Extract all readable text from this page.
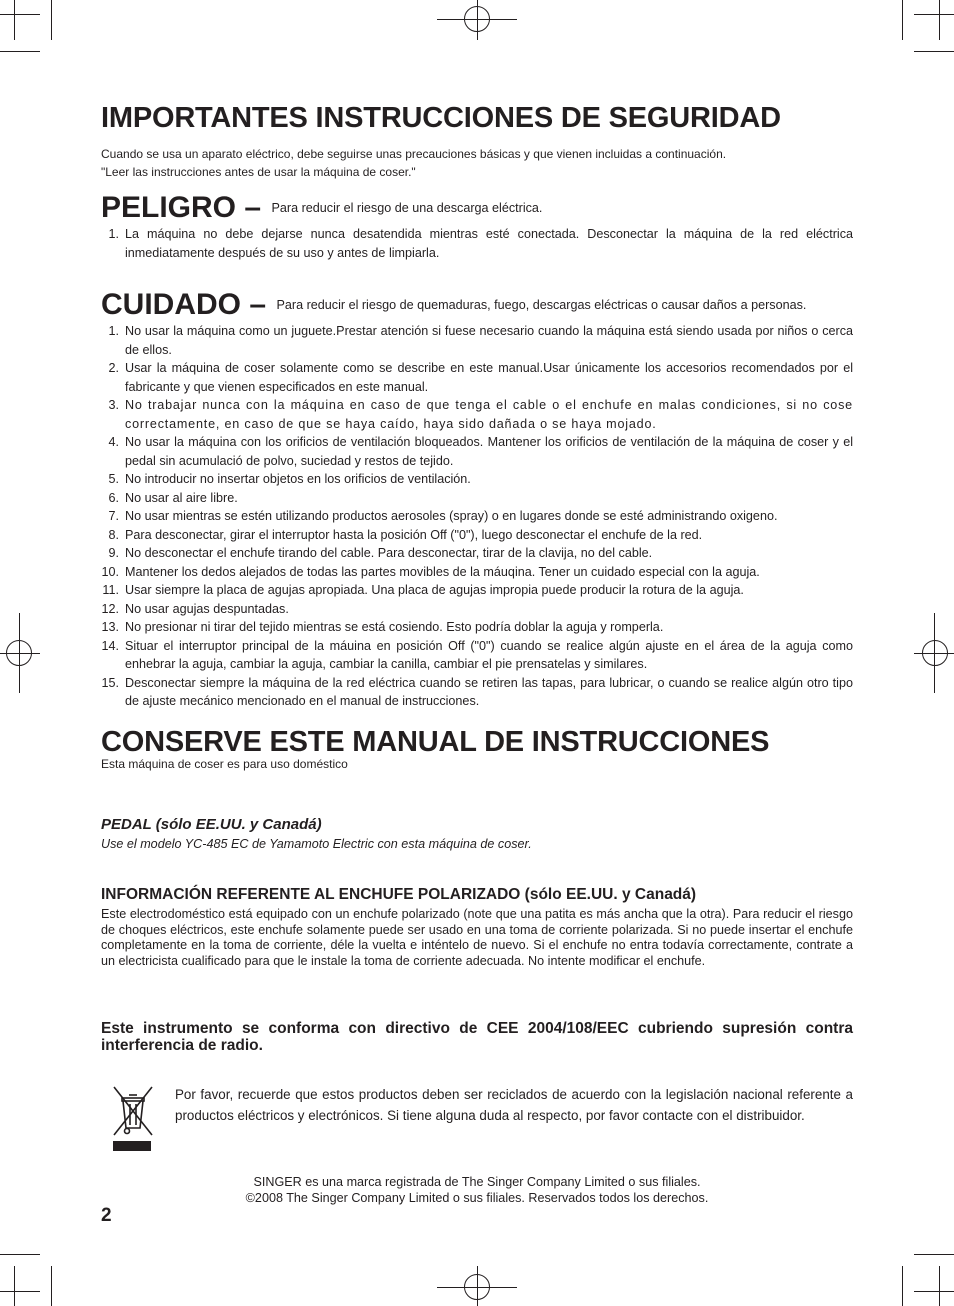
IMPORTANTES INSTRUCCIONES DE SEGURIDAD

Cuando se usa un aparato eléctrico, debe seguirse unas precauciones básicas y que vienen incluidas a continuación.

"Leer las instrucciones antes de usar la máquina de coser."

PELIGRO – Para reducir el riesgo de una descarga eléctrica.
1. La máquina no debe dejarse nunca desatendida mientras esté conectada. Desconectar la máquina de la red eléctrica inmediatamente después de su uso y antes de limpiarla.
CUIDADO – Para reducir el riesgo de quemaduras, fuego, descargas eléctricas o causar daños a personas.
1. No usar la máquina como un juguete.Prestar atención si fuese necesario cuando la máquina está siendo usada por niños o cerca de ellos.
2. Usar la máquina de coser solamente como se describe en este manual.Usar únicamente los accesorios recomendados por el fabricante y que vienen especificados en este manual.
3. No trabajar nunca con la máquina en caso de que tenga el cable o el enchufe en malas condiciones, si no cose correctamente, en caso de que se haya caído, haya sido dañada o se haya mojado.
4. No usar la máquina con los orificios de ventilación bloqueados. Mantener los orificios de ventilación de la máquina de coser y el pedal sin acumulació de polvo, suciedad y restos de tejido.
5. No introducir no insertar objetos en los orificios de ventilación.
6. No usar al aire libre.
7. No usar mientras se estén utilizando productos aerosoles (spray) o en lugares donde se esté administrando oxigeno.
8. Para desconectar, girar el interruptor hasta la posición Off ("0"), luego desconectar el enchufe de la red.
9. No desconectar el enchufe tirando del cable. Para desconectar, tirar de la clavija, no del cable.
10. Mantener los dedos alejados de todas las partes movibles de la máuqina. Tener un cuidado especial con la aguja.
11. Usar siempre la placa de agujas apropiada. Una placa de agujas impropia puede producir la rotura de la aguja.
12. No usar agujas despuntadas.
13. No presionar ni tirar del tejido mientras se está cosiendo. Esto podría doblar la aguja y romperla.
14. Situar el interruptor principal de la máuina en posición Off ("0") cuando se realice algún ajuste en el área de la aguja como enhebrar la aguja, cambiar la aguja, cambiar la canilla, cambiar el pie prensatelas y similares.
15. Desconectar siempre la máquina de la red eléctrica cuando se retiren las tapas, para lubricar, o cuando se realice algún otro tipo de ajuste mecánico mencionado en el manual de instrucciones.
CONSERVE ESTE MANUAL DE INSTRUCCIONES

Esta máquina de coser es para uso doméstico

PEDAL (sólo EE.UU. y Canadá)
Use el modelo YC-485 EC de Yamamoto Electric con esta máquina de coser.
INFORMACIÓN REFERENTE AL ENCHUFE POLARIZADO (sólo EE.UU. y Canadá)
Este electrodoméstico está equipado con un enchufe polarizado (note que una patita es más ancha que la otra). Para reducir el riesgo de choques eléctricos, este enchufe solamente puede ser usado en una toma de corriente polarizada. Si no puede insertar el enchufe completamente en la toma de corriente, déle la vuelta e inténtelo de nuevo. Si el enchufe no entra todavía correctamente, contrate a un electricista cualificado para que le instale la toma de corriente adecuada. No intente modificar el enchufe.
Este instrumento se conforma con directivo de CEE 2004/108/EEC cubriendo supresión contra interferencia de radio.
Por favor, recuerde que estos productos deben ser reciclados de acuerdo con la legislación nacional referente a productos eléctricos y electrónicos. Si tiene alguna duda al respecto, por favor contacte con el distribuidor.
SINGER es una marca registrada de The Singer Company Limited o sus filiales.
©2008 The Singer Company Limited o sus filiales. Reservados todos los derechos.
2
